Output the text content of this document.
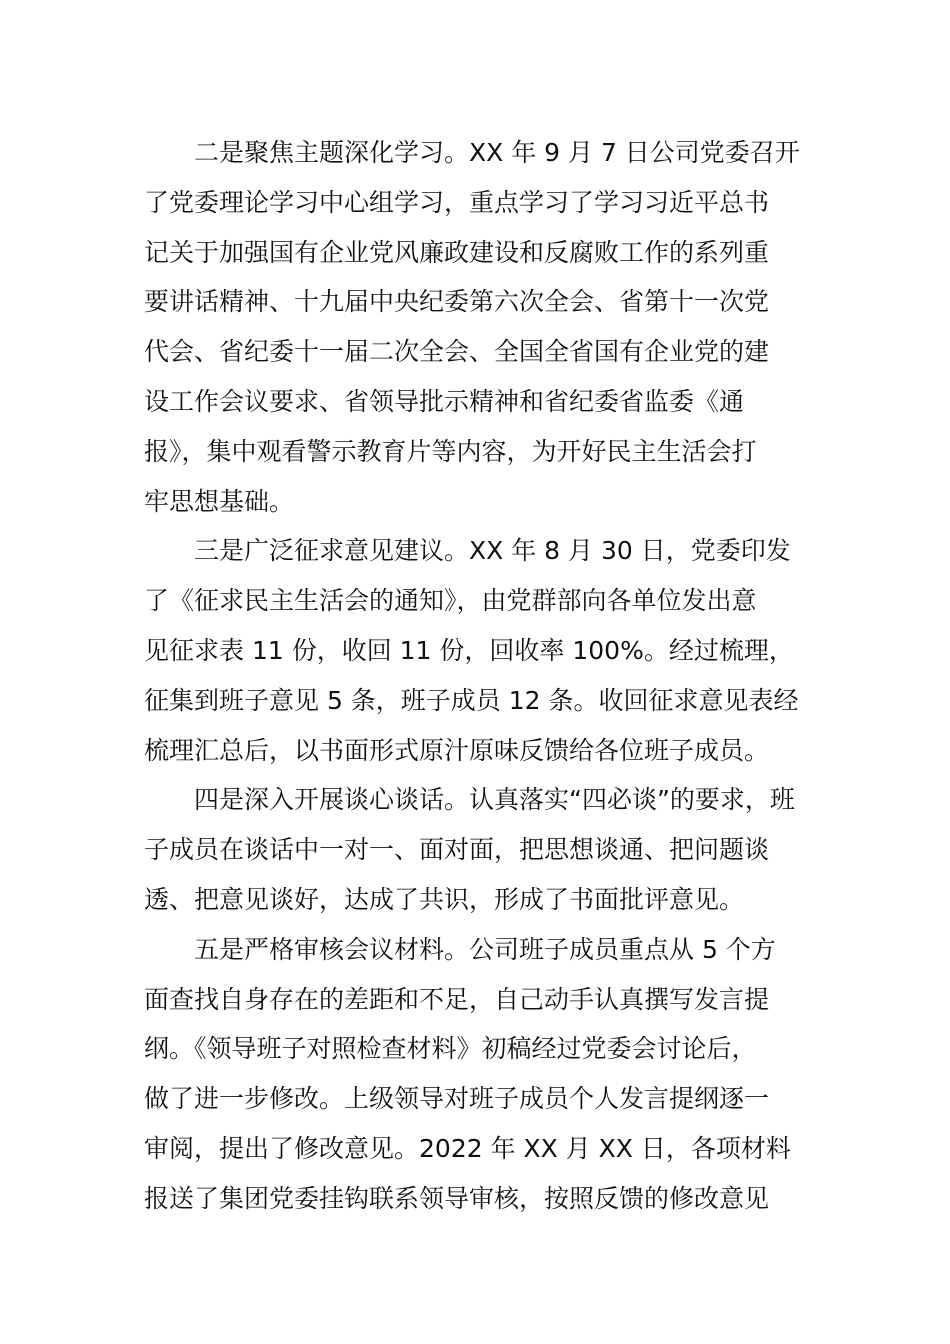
二是聚焦主题深化学习。XX 年 9 月 7 日公司党委召开
了党委理论学习中心组学习，重点学习了学习习近平总书
记关于加强国有企业党风廉政建设和反腐败工作的系列重
要讲话精神、十九届中央纪委第六次全会、省第十一次党
代会、省纪委十一届二次全会、全国全省国有企业党的建
设工作会议要求、省领导批示精神和省纪委省监委《通
报》，集中观看警示教育片等内容，为开好民主生活会打
牢思想基础。
三是广泛征求意见建议。XX 年 8 月 30 日，党委印发
了《征求民主生活会的通知》，由党群部向各单位发出意
见征求表 11 份，收回 11 份，回收率 100%。经过梳理，
征集到班子意见 5 条，班子成员 12 条。收回征求意见表经
梳理汇总后，以书面形式原汁原味反馈给各位班子成员。
四是深入开展谈心谈话。认真落实“四必谈”的要求，班
子成员在谈话中一对一、面对面，把思想谈通、把问题谈
透、把意见谈好，达成了共识，形成了书面批评意见。
五是严格审核会议材料。公司班子成员重点从 5 个方
面查找自身存在的差距和不足，自己动手认真撰写发言提
纲。《领导班子对照检查材料》初稿经过党委会讨论后，
做了进一步修改。上级领导对班子成员个人发言提纲逐一
审阅，提出了修改意见。2022 年 XX 月 XX 日，各项材料
报送了集团党委挂钩联系领导审核，按照反馈的修改意见
